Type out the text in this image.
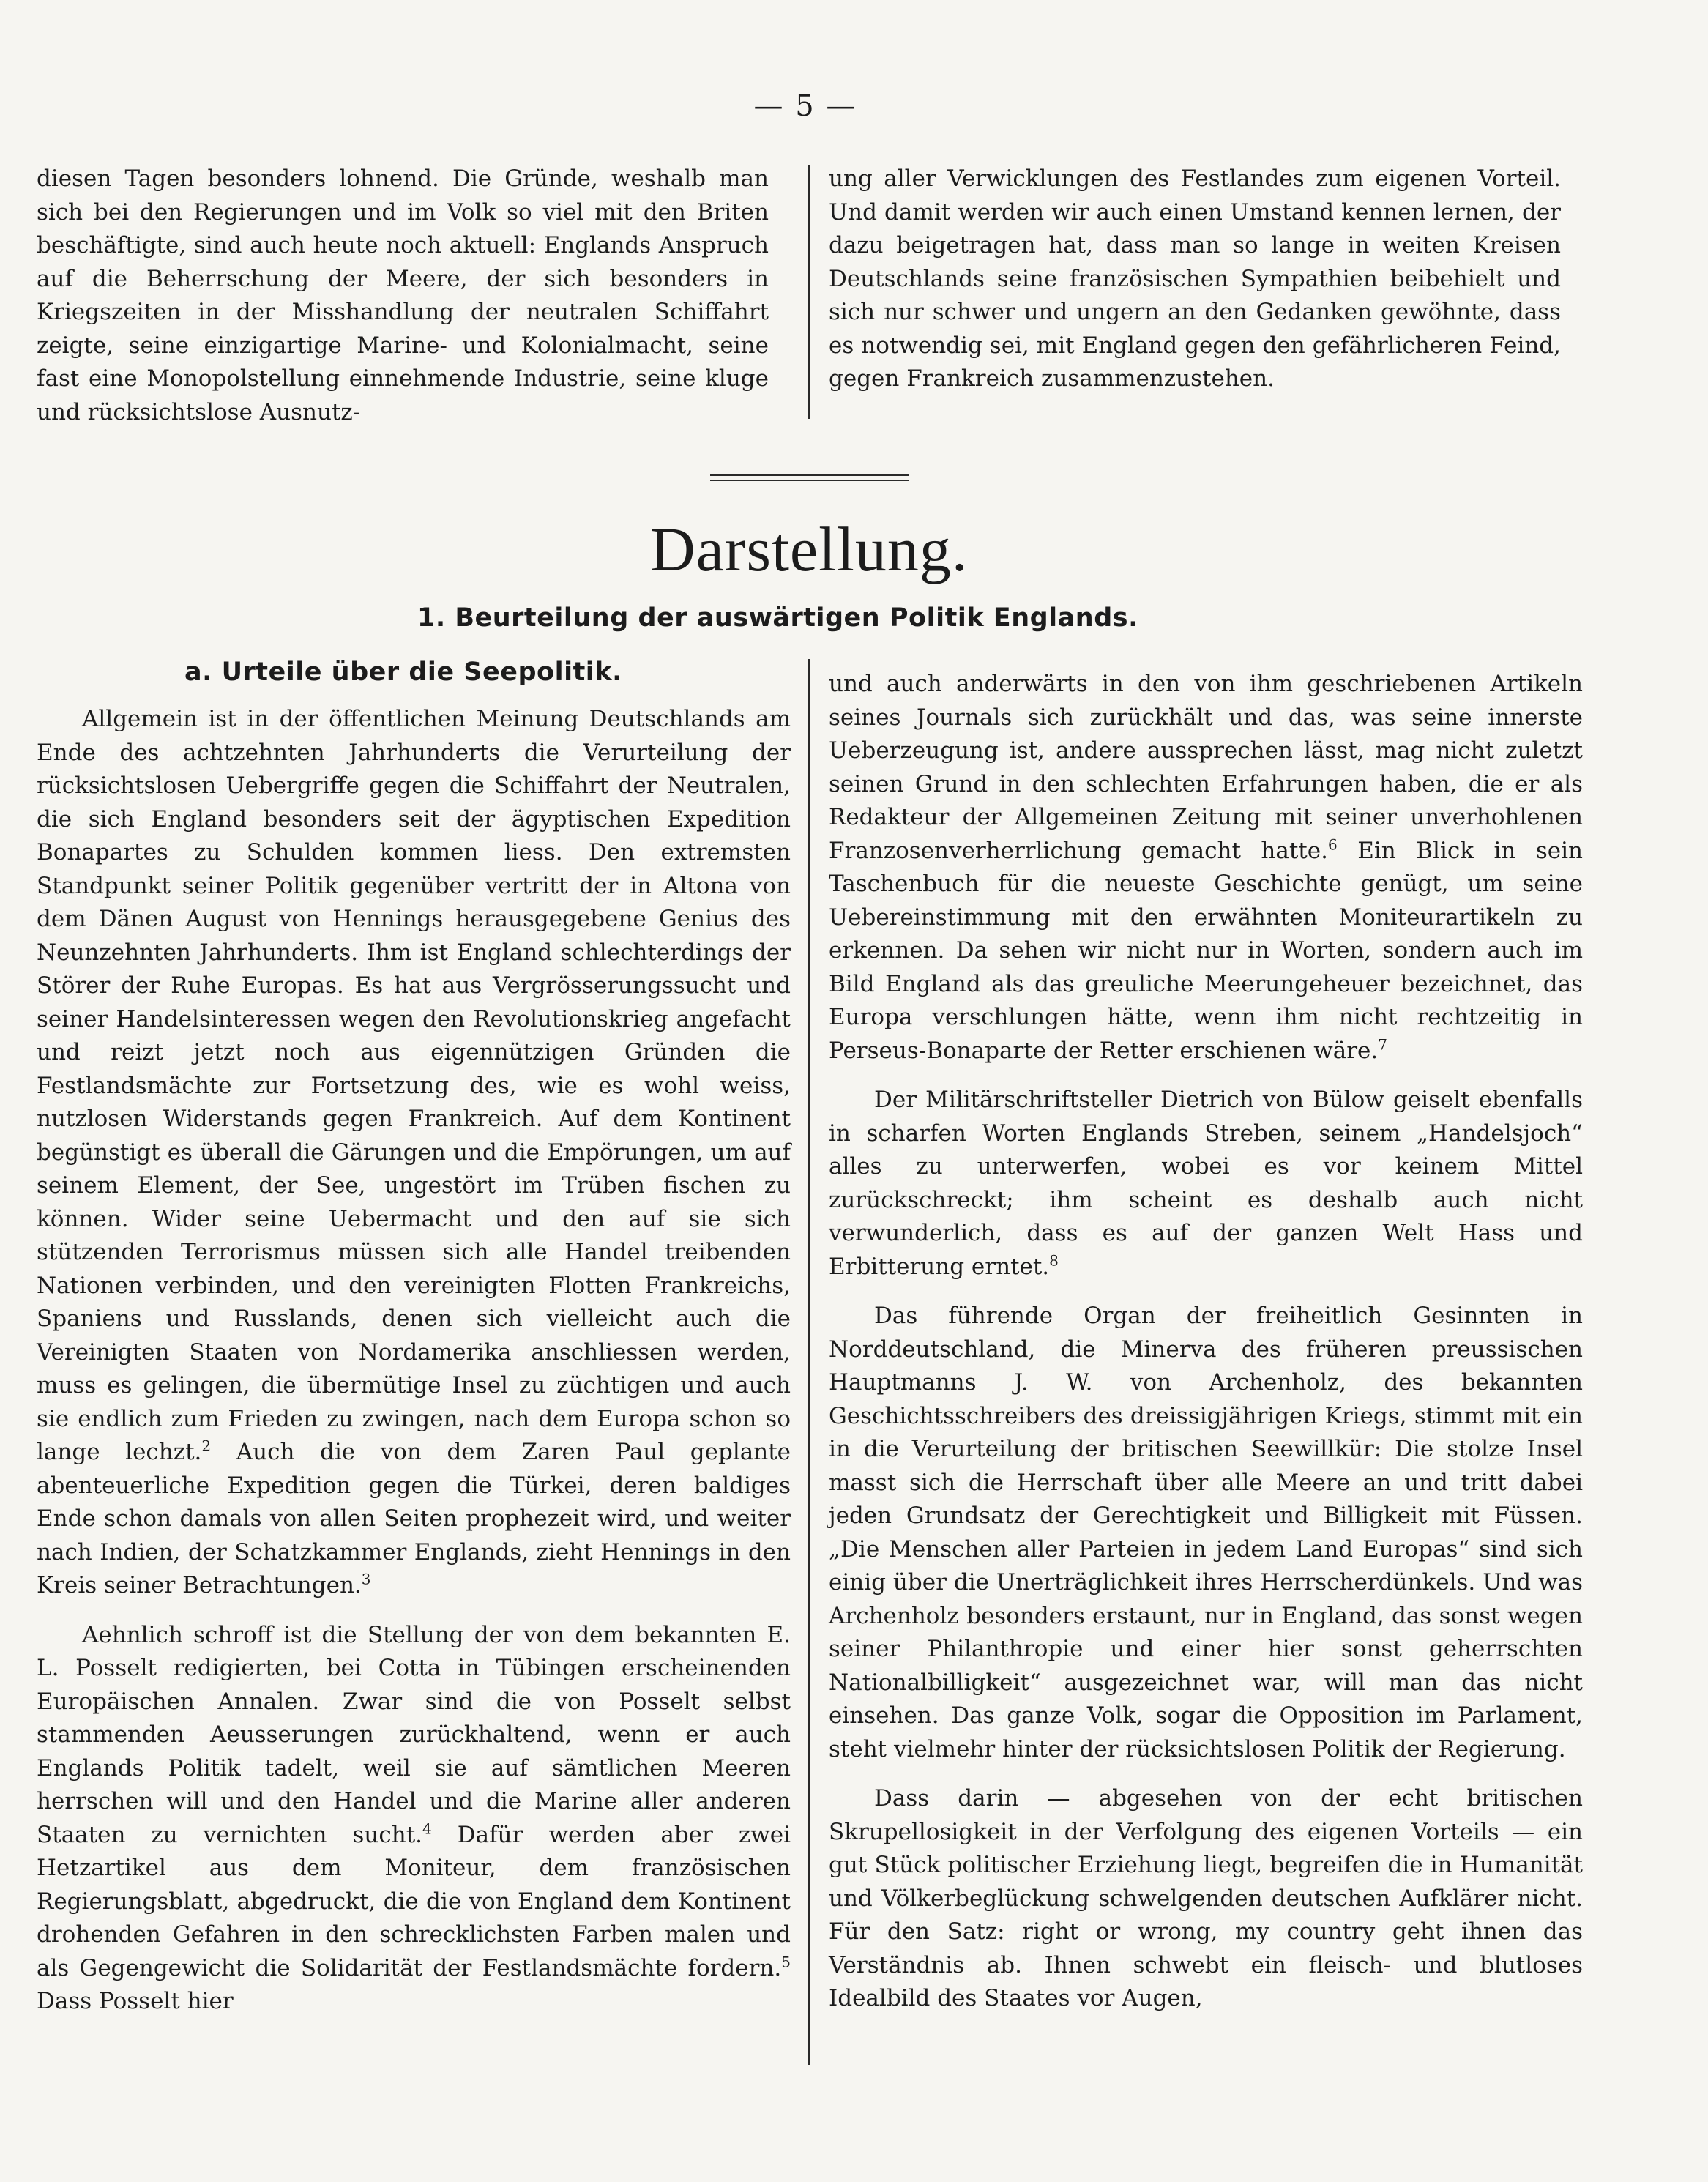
— 5 —

diesen Tagen besonders lohnend. Die Gründe, weshalb man sich bei den Regierungen und im Volk so viel mit den Briten beschäftigte, sind auch heute noch aktuell: Englands Anspruch auf die Beherrschung der Meere, der sich besonders in Kriegszeiten in der Misshandlung der neutralen Schiffahrt zeigte, seine einzigartige Marine- und Kolonialmacht, seine fast eine Monopolstellung einnehmende Industrie, seine kluge und rücksichtslose Ausnutz-

ung aller Verwicklungen des Festlandes zum eigenen Vorteil. Und damit werden wir auch einen Umstand kennen lernen, der dazu beigetragen hat, dass man so lange in weiten Kreisen Deutschlands seine französischen Sympathien beibehielt und sich nur schwer und ungern an den Gedanken gewöhnte, dass es notwendig sei, mit England gegen den gefährlicheren Feind, gegen Frankreich zusammenzustehen.

Darstellung.
1. Beurteilung der auswärtigen Politik Englands.
a. Urteile über die Seepolitik.

Allgemein ist in der öffentlichen Meinung Deutschlands am Ende des achtzehnten Jahrhunderts die Verurteilung der rücksichtslosen Uebergriffe gegen die Schiffahrt der Neutralen, die sich England besonders seit der ägyptischen Expedition Bonapartes zu Schulden kommen liess. Den extremsten Standpunkt seiner Politik gegenüber vertritt der in Altona von dem Dänen August von Hennings herausgegebene Genius des Neunzehnten Jahrhunderts. Ihm ist England schlechterdings der Störer der Ruhe Europas. Es hat aus Vergrösserungssucht und seiner Handelsinteressen wegen den Revolutionskrieg angefacht und reizt jetzt noch aus eigennützigen Gründen die Festlandsmächte zur Fortsetzung des, wie es wohl weiss, nutzlosen Widerstands gegen Frankreich. Auf dem Kontinent begünstigt es überall die Gärungen und die Empörungen, um auf seinem Element, der See, ungestört im Trüben fischen zu können. Wider seine Uebermacht und den auf sie sich stützenden Terrorismus müssen sich alle Handel treibenden Nationen verbinden, und den vereinigten Flotten Frankreichs, Spaniens und Russlands, denen sich vielleicht auch die Vereinigten Staaten von Nordamerika anschliessen werden, muss es gelingen, die übermütige Insel zu züchtigen und auch sie endlich zum Frieden zu zwingen, nach dem Europa schon so lange lechzt.$^2$ Auch die von dem Zaren Paul geplante abenteuerliche Expedition gegen die Türkei, deren baldiges Ende schon damals von allen Seiten prophezeit wird, und weiter nach Indien, der Schatzkammer Englands, zieht Hennings in den Kreis seiner Betrachtungen.$^3$

Aehnlich schroff ist die Stellung der von dem bekannten E. L. Posselt redigierten, bei Cotta in Tübingen erscheinenden Europäischen Annalen. Zwar sind die von Posselt selbst stammenden Aeusserungen zurückhaltend, wenn er auch Englands Politik tadelt, weil sie auf sämtlichen Meeren herrschen will und den Handel und die Marine aller anderen Staaten zu vernichten sucht.$^4$ Dafür werden aber zwei Hetzartikel aus dem Moniteur, dem französischen Regierungsblatt, abgedruckt, die die von England dem Kontinent drohenden Gefahren in den schrecklichsten Farben malen und als Gegengewicht die Solidarität der Festlandsmächte fordern.$^5$ Dass Posselt hier

und auch anderwärts in den von ihm geschriebenen Artikeln seines Journals sich zurückhält und das, was seine innerste Ueberzeugung ist, andere aussprechen lässt, mag nicht zuletzt seinen Grund in den schlechten Erfahrungen haben, die er als Redakteur der Allgemeinen Zeitung mit seiner unverhohlenen Franzosenverherrlichung gemacht hatte.$^6$ Ein Blick in sein Taschenbuch für die neueste Geschichte genügt, um seine Uebereinstimmung mit den erwähnten Moniteurartikeln zu erkennen. Da sehen wir nicht nur in Worten, sondern auch im Bild England als das greuliche Meerungeheuer bezeichnet, das Europa verschlungen hätte, wenn ihm nicht rechtzeitig in Perseus-Bonaparte der Retter erschienen wäre.$^7$

Der Militärschriftsteller Dietrich von Bülow geiselt ebenfalls in scharfen Worten Englands Streben, seinem „Handelsjoch“ alles zu unterwerfen, wobei es vor keinem Mittel zurückschreckt; ihm scheint es deshalb auch nicht verwunderlich, dass es auf der ganzen Welt Hass und Erbitterung erntet.$^8$

Das führende Organ der freiheitlich Gesinnten in Norddeutschland, die Minerva des früheren preussischen Hauptmanns J. W. von Archenholz, des bekannten Geschichtsschreibers des dreissigjährigen Kriegs, stimmt mit ein in die Verurteilung der britischen Seewillkür: Die stolze Insel masst sich die Herrschaft über alle Meere an und tritt dabei jeden Grundsatz der Gerechtigkeit und Billigkeit mit Füssen. „Die Menschen aller Parteien in jedem Land Europas“ sind sich einig über die Unerträglichkeit ihres Herrscherdünkels. Und was Archenholz besonders erstaunt, nur in England, das sonst wegen seiner Philanthropie und einer hier sonst geherrschten Nationalbilligkeit“ ausgezeichnet war, will man das nicht einsehen. Das ganze Volk, sogar die Opposition im Parlament, steht vielmehr hinter der rücksichtslosen Politik der Regierung.

Dass darin — abgesehen von der echt britischen Skrupellosigkeit in der Verfolgung des eigenen Vorteils — ein gut Stück politischer Erziehung liegt, begreifen die in Humanität und Völkerbeglückung schwelgenden deutschen Aufklärer nicht. Für den Satz: right or wrong, my country geht ihnen das Verständnis ab. Ihnen schwebt ein fleisch- und blutloses Idealbild des Staates vor Augen,
